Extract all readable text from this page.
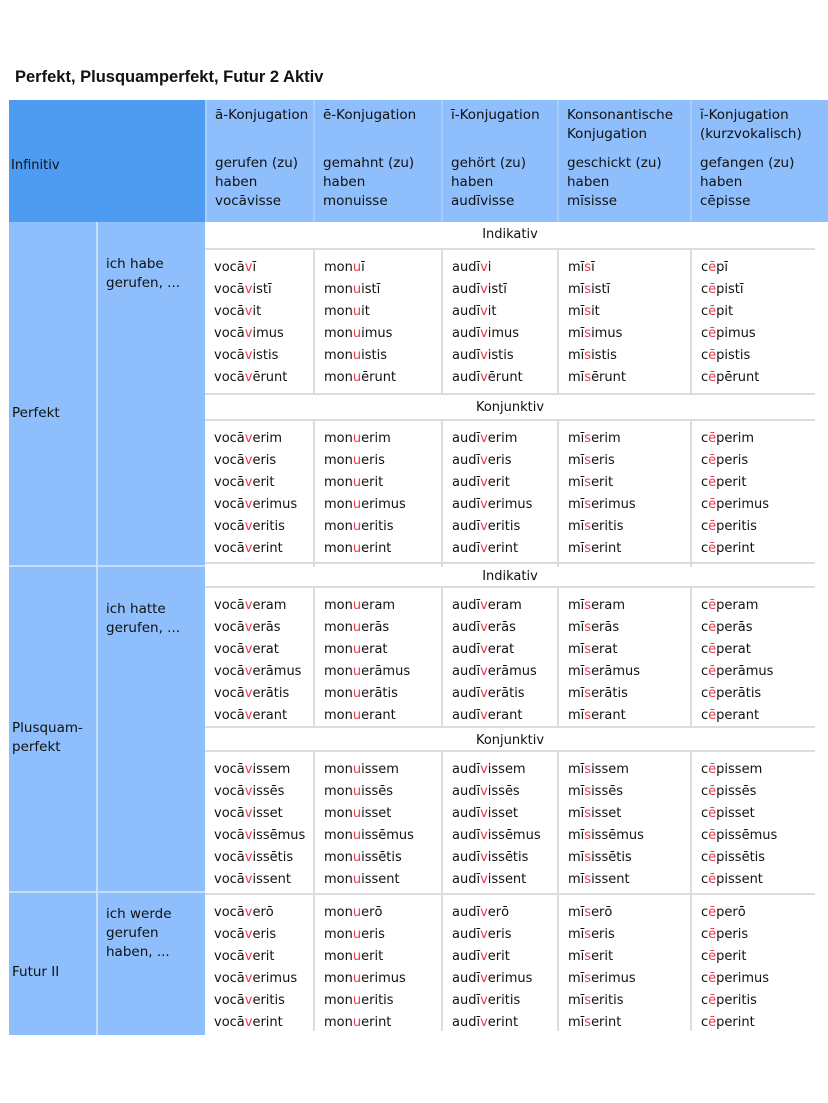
Perfekt, Plusquamperfekt, Futur 2 Aktiv
Infinitiv
ā-Konjugation
gerufen (zu) haben
vocāvisse
ē-Konjugation
gemahnt (zu) haben
monuisse
ī-Konjugation
gehört (zu) haben
audīvisse
Konsonantische Konjugation
geschickt (zu) haben
mīsisse
ĭ-Konjugation (kurzvokalisch)
gefangen (zu) haben
cēpisse
Perfekt
ich habe gerufen, ...
Plusquam-perfekt
ich hatte gerufen, ...
Futur II
ich werde gerufen haben, ...
Indikativ
Konjunktiv
Indikativ
Konjunktiv
vocāvī
vocāvistī
vocāvit
vocāvimus
vocāvistis
vocāvērunt
monuī
monuistī
monuit
monuimus
monuistis
monuērunt
audīvi
audīvistī
audīvit
audīvimus
audīvistis
audīvērunt
mīsī
mīsistī
mīsit
mīsimus
mīsistis
mīsērunt
cēpī
cēpistī
cēpit
cēpimus
cēpistis
cēpērunt
vocāverim
vocāveris
vocāverit
vocāverimus
vocāveritis
vocāverint
monuerim
monueris
monuerit
monuerimus
monueritis
monuerint
audīverim
audīveris
audīverit
audīverimus
audīveritis
audīverint
mīserim
mīseris
mīserit
mīserimus
mīseritis
mīserint
cēperim
cēperis
cēperit
cēperimus
cēperitis
cēperint
vocāveram
vocāverās
vocāverat
vocāverāmus
vocāverātis
vocāverant
monueram
monuerās
monuerat
monuerāmus
monuerātis
monuerant
audīveram
audīverās
audīverat
audīverāmus
audīverātis
audīverant
mīseram
mīserās
mīserat
mīserāmus
mīserātis
mīserant
cēperam
cēperās
cēperat
cēperāmus
cēperātis
cēperant
vocāvissem
vocāvissēs
vocāvisset
vocāvissēmus
vocāvissētis
vocāvissent
monuissem
monuissēs
monuisset
monuissēmus
monuissētis
monuissent
audīvissem
audīvissēs
audīvisset
audīvissēmus
audīvissētis
audīvissent
mīsissem
mīsissēs
mīsisset
mīsissēmus
mīsissētis
mīsissent
cēpissem
cēpissēs
cēpisset
cēpissēmus
cēpissētis
cēpissent
vocāverō
vocāveris
vocāverit
vocāverimus
vocāveritis
vocāverint
monuerō
monueris
monuerit
monuerimus
monueritis
monuerint
audīverō
audīveris
audīverit
audīverimus
audīveritis
audīverint
mīserō
mīseris
mīserit
mīserimus
mīseritis
mīserint
cēperō
cēperis
cēperit
cēperimus
cēperitis
cēperint
